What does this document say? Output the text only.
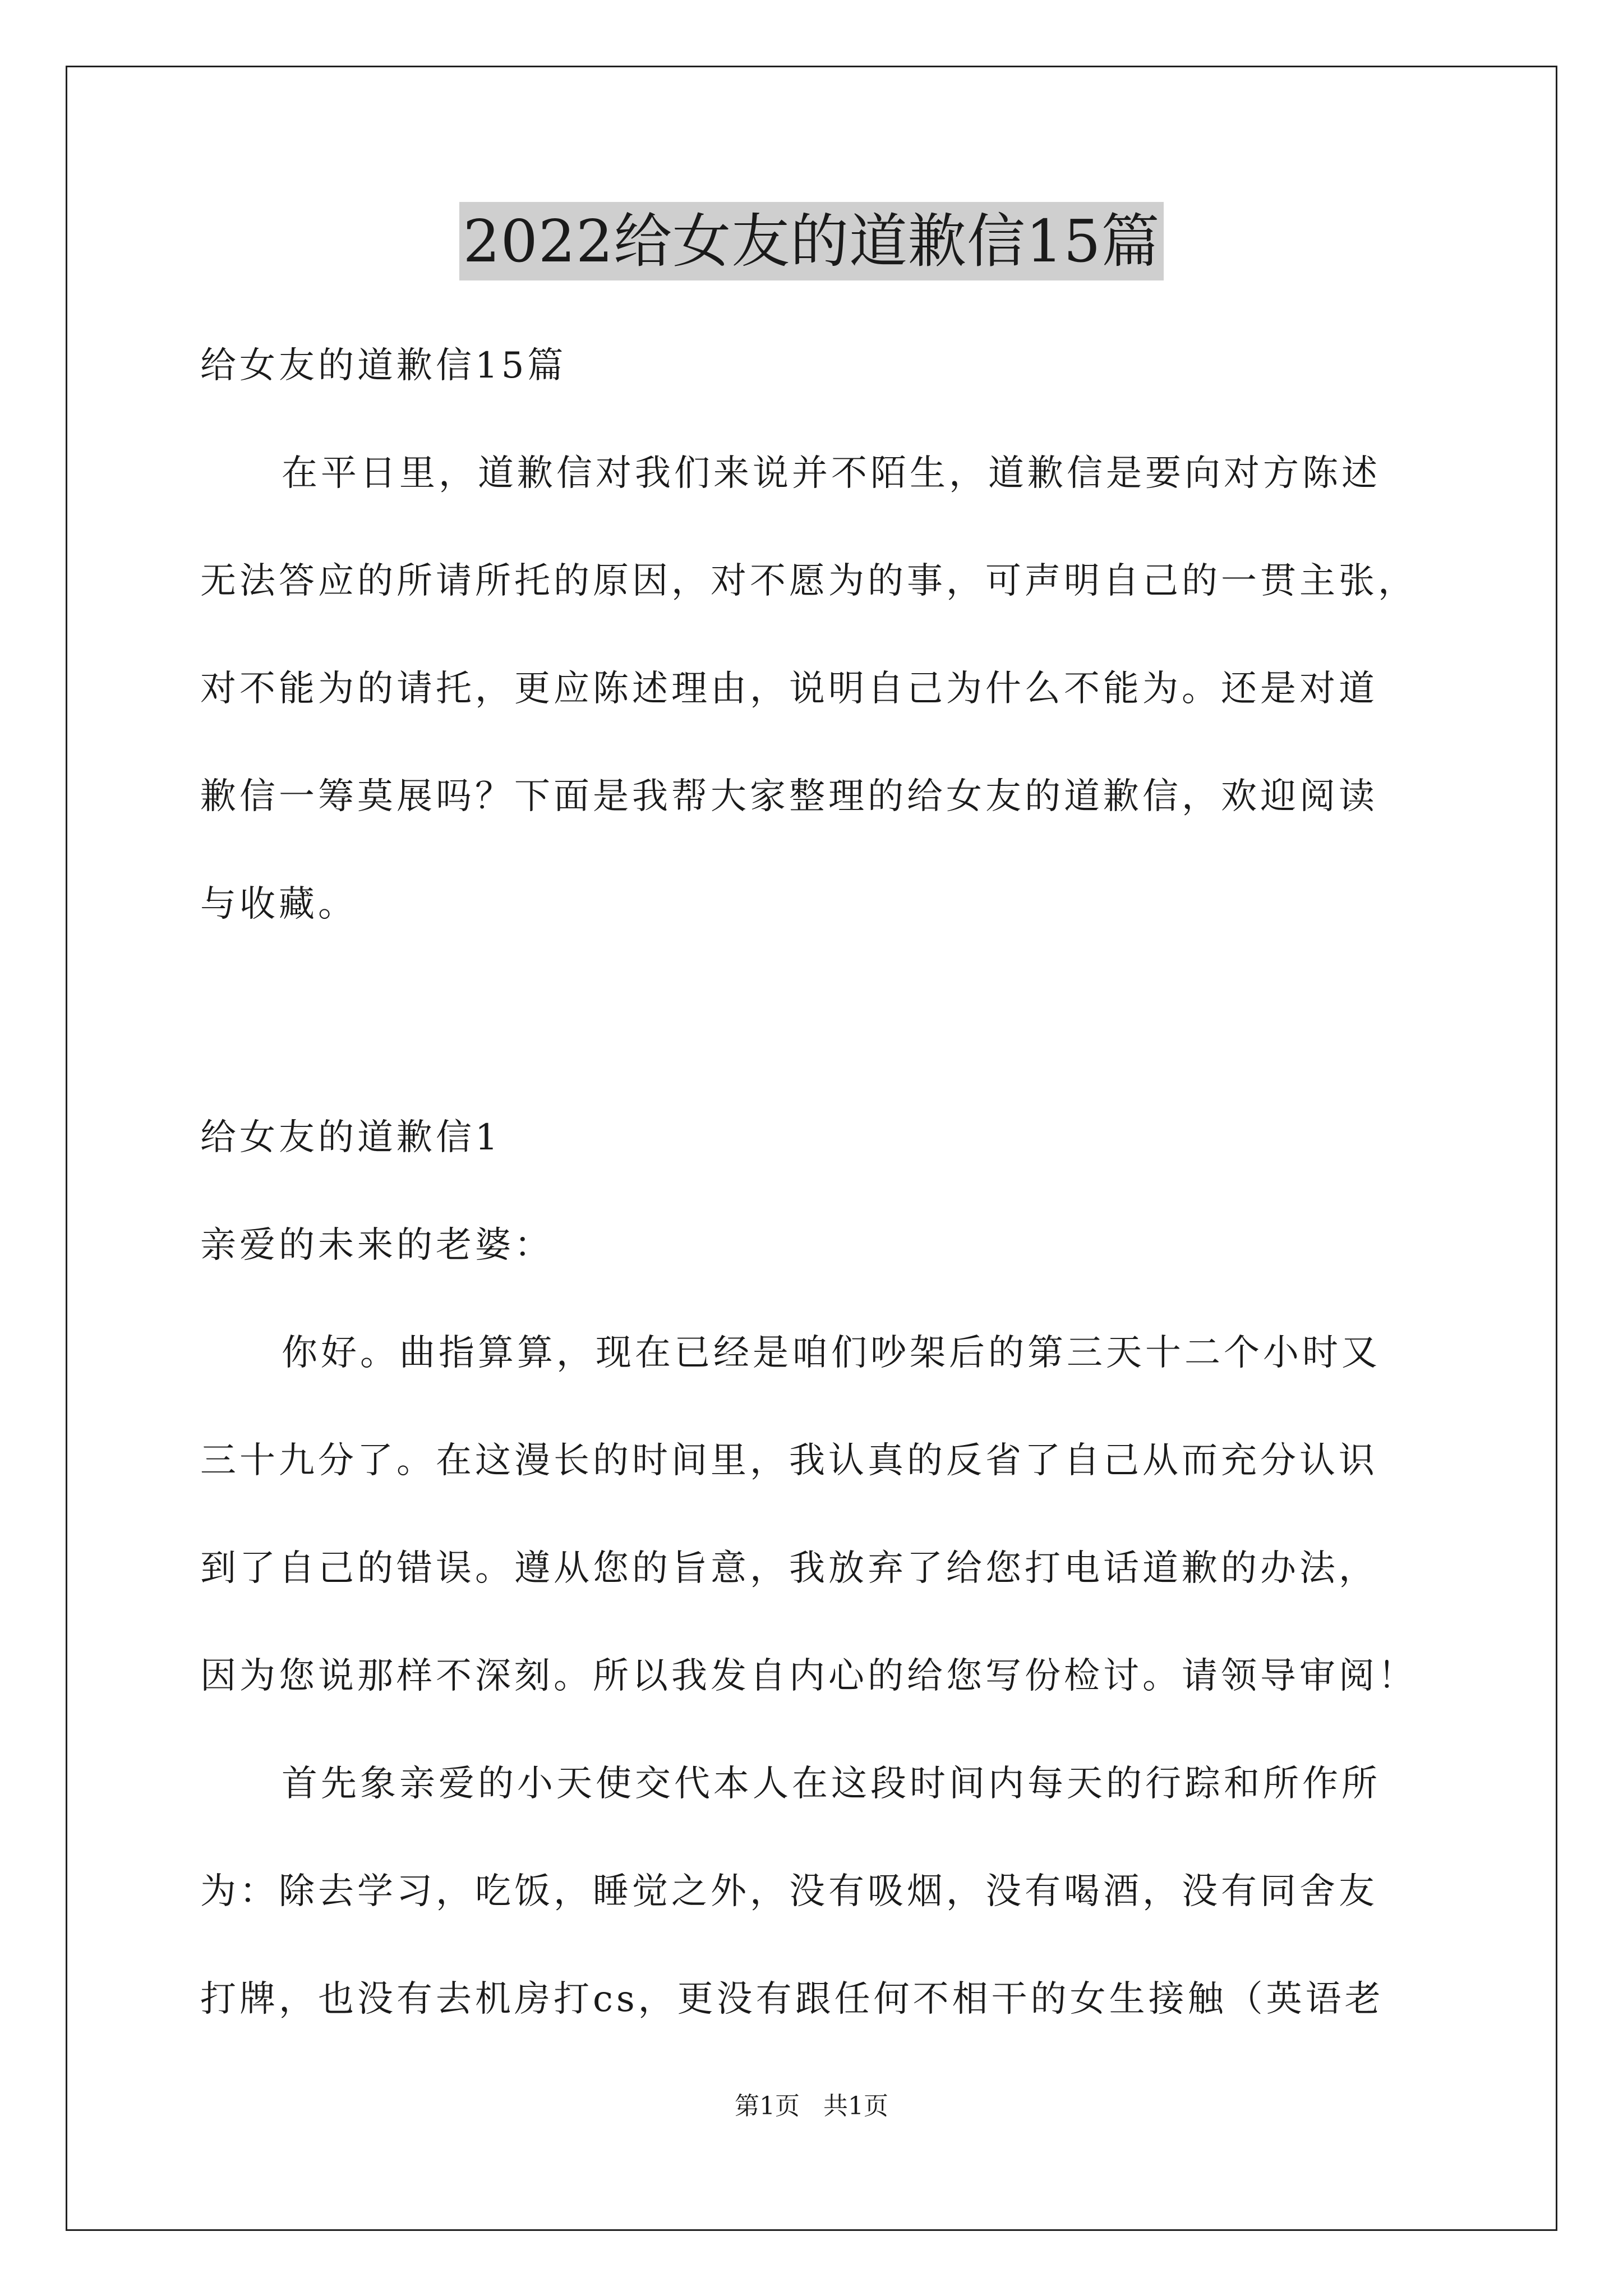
2022给女友的道歉信15篇
给女友的道歉信15篇
在平日里，道歉信对我们来说并不陌生，道歉信是要向对方陈述
无法答应的所请所托的原因，对不愿为的事，可声明自己的一贯主张，
对不能为的请托，更应陈述理由，说明自己为什么不能为。还是对道
歉信一筹莫展吗？下面是我帮大家整理的给女友的道歉信，欢迎阅读
与收藏。
给女友的道歉信1
亲爱的未来的老婆：
你好。曲指算算，现在已经是咱们吵架后的第三天十二个小时又
三十九分了。在这漫长的时间里，我认真的反省了自己从而充分认识
到了自己的错误。遵从您的旨意，我放弃了给您打电话道歉的办法，
因为您说那样不深刻。所以我发自内心的给您写份检讨。请领导审阅！
首先象亲爱的小天使交代本人在这段时间内每天的行踪和所作所
为：除去学习，吃饭，睡觉之外，没有吸烟，没有喝酒，没有同舍友
打牌，也没有去机房打cs，更没有跟任何不相干的女生接触（英语老
第1页   共1页
